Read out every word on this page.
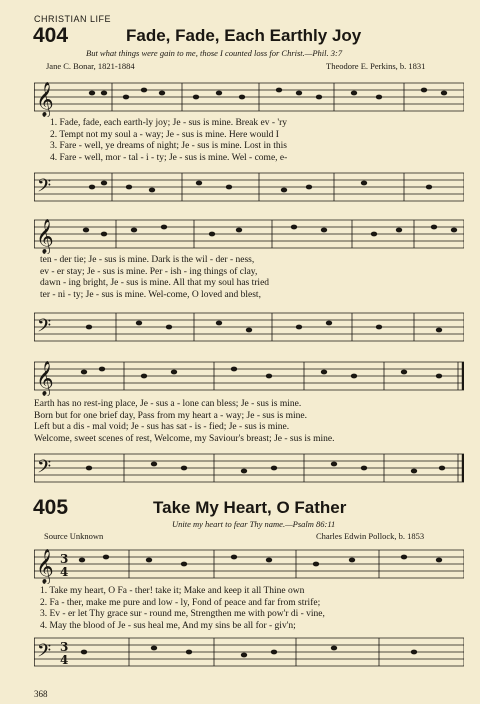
CHRISTIAN LIFE
404	Fade, Fade, Each Earthly Joy
But what things were gain to me, those I counted loss for Christ.—Phil. 3:7
Jane C. Bonar, 1821-1884	Theodore E. Perkins, b. 1831
𝄞
1. Fade, fade, each earth-ly joy; Je - sus is mine. Break ev - 'ry
2. Tempt not my soul a - way; Je - sus is mine. Here would I
3. Fare - well, ye dreams of night; Je - sus is mine. Lost in this
4. Fare - well, mor - tal - i - ty; Je - sus is mine. Wel - come, e-
𝄢
𝄞
ten - der tie; Je - sus is mine. Dark is the wil - der - ness,
ev - er stay; Je - sus is mine. Per - ish - ing things of clay,
dawn - ing bright, Je - sus is mine. All that my soul has tried
ter - ni - ty; Je - sus is mine. Wel-come, O loved and blest,
𝄢
𝄞
Earth has no rest-ing place, Je - sus a - lone can bless; Je - sus is mine.
Born but for one brief day, Pass from my heart a - way; Je - sus is mine.
Left but a dis - mal void; Je - sus has sat - is - fied; Je - sus is mine.
Welcome, sweet scenes of rest, Welcome, my Saviour's breast; Je - sus is mine.
𝄢
405	Take My Heart, O Father
Unite my heart to fear Thy name.—Psalm 86:11
Source Unknown	Charles Edwin Pollock, b. 1853
𝄞 3
4
1. Take my heart, O Fa - ther! take it; Make and keep it all Thine own
2. Fa - ther, make me pure and low - ly, Fond of peace and far from strife;
3. Ev - er let Thy grace sur - round me, Strengthen me with pow'r di - vine,
4. May the blood of Je - sus heal me, And my sins be all for - giv'n;
𝄢 3
4
368
